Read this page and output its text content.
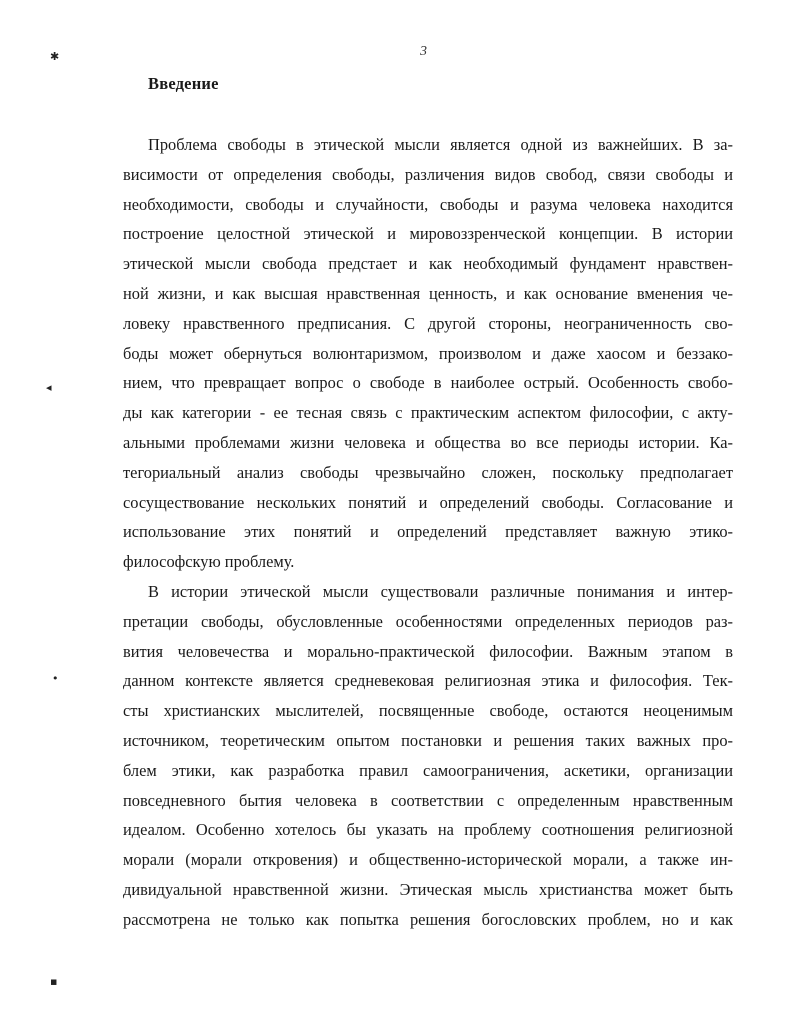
3
Введение
Проблема свободы в этической мысли является одной из важнейших. В за-
висимости от определения свободы, различения видов свобод, связи свободы и
необходимости, свободы и случайности, свободы и разума человека находится
построение целостной этической и мировоззренческой концепции. В истории
этической мысли свобода предстает и как необходимый фундамент нравствен-
ной жизни, и как высшая нравственная ценность, и как основание вменения че-
ловеку нравственного предписания. С другой стороны, неограниченность сво-
боды может обернуться волюнтаризмом, произволом и даже хаосом и беззако-
нием, что превращает вопрос о свободе в наиболее острый. Особенность свобо-
ды как категории - ее тесная связь с практическим аспектом философии, с акту-
альными проблемами жизни человека и общества во все периоды истории. Ка-
тегориальный анализ свободы чрезвычайно сложен, поскольку предполагает
сосуществование нескольких понятий и определений свободы. Согласование и
использование этих понятий и определений представляет важную этико-
философскую проблему.
В истории этической мысли существовали различные понимания и интер-
претации свободы, обусловленные особенностями определенных периодов раз-
вития человечества и морально-практической философии. Важным этапом в
данном контексте является средневековая религиозная этика и философия. Тек-
сты христианских мыслителей, посвященные свободе, остаются неоценимым
источником, теоретическим опытом постановки и решения таких важных про-
блем этики, как разработка правил самоограничения, аскетики, организации
повседневного бытия человека в соответствии с определенным нравственным
идеалом. Особенно хотелось бы указать на проблему соотношения религиозной
морали (морали откровения) и общественно-исторической морали, а также ин-
дивидуальной нравственной жизни. Этическая мысль христианства может быть
рассмотрена не только как попытка решения богословских проблем, но и как
✱
◂
•
▪
